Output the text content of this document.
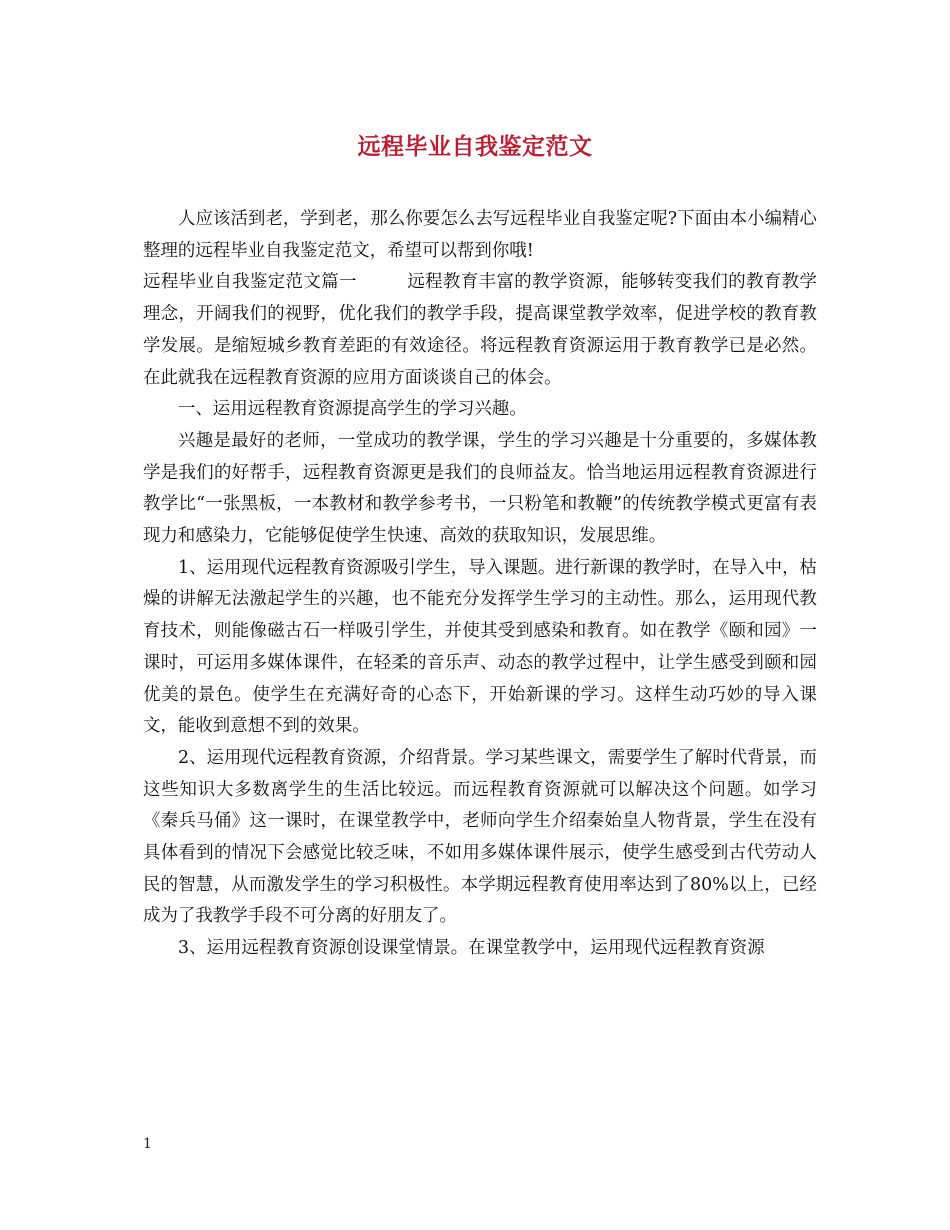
远程毕业自我鉴定范文

人应该活到老，学到老，那么你要怎么去写远程毕业自我鉴定呢?下面由本小编精心整理的远程毕业自我鉴定范文，希望可以帮到你哦!

远程毕业自我鉴定范文篇一	远程教育丰富的教学资源，能够转变我们的教育教学理念，开阔我们的视野，优化我们的教学手段，提高课堂教学效率，促进学校的教育教学发展。是缩短城乡教育差距的有效途径。将远程教育资源运用于教育教学已是必然。在此就我在远程教育资源的应用方面谈谈自己的体会。

一、运用远程教育资源提高学生的学习兴趣。

兴趣是最好的老师，一堂成功的教学课，学生的学习兴趣是十分重要的，多媒体教学是我们的好帮手，远程教育资源更是我们的良师益友。恰当地运用远程教育资源进行教学比“一张黑板，一本教材和教学参考书，一只粉笔和教鞭”的传统教学模式更富有表现力和感染力，它能够促使学生快速、高效的获取知识，发展思维。

1、运用现代远程教育资源吸引学生，导入课题。进行新课的教学时，在导入中，枯燥的讲解无法激起学生的兴趣，也不能充分发挥学生学习的主动性。那么，运用现代教育技术，则能像磁古石一样吸引学生，并使其受到感染和教育。如在教学《颐和园》一课时，可运用多媒体课件，在轻柔的音乐声、动态的教学过程中，让学生感受到颐和园优美的景色。使学生在充满好奇的心态下，开始新课的学习。这样生动巧妙的导入课文，能收到意想不到的效果。

2、运用现代远程教育资源，介绍背景。学习某些课文，需要学生了解时代背景，而这些知识大多数离学生的生活比较远。而远程教育资源就可以解决这个问题。如学习《秦兵马俑》这一课时，在课堂教学中，老师向学生介绍秦始皇人物背景，学生在没有具体看到的情况下会感觉比较乏味，不如用多媒体课件展示，使学生感受到古代劳动人民的智慧，从而激发学生的学习积极性。本学期远程教育使用率达到了80%以上，已经成为了我教学手段不可分离的好朋友了。

3、运用远程教育资源创设课堂情景。在课堂教学中，运用现代远程教育资源

1
